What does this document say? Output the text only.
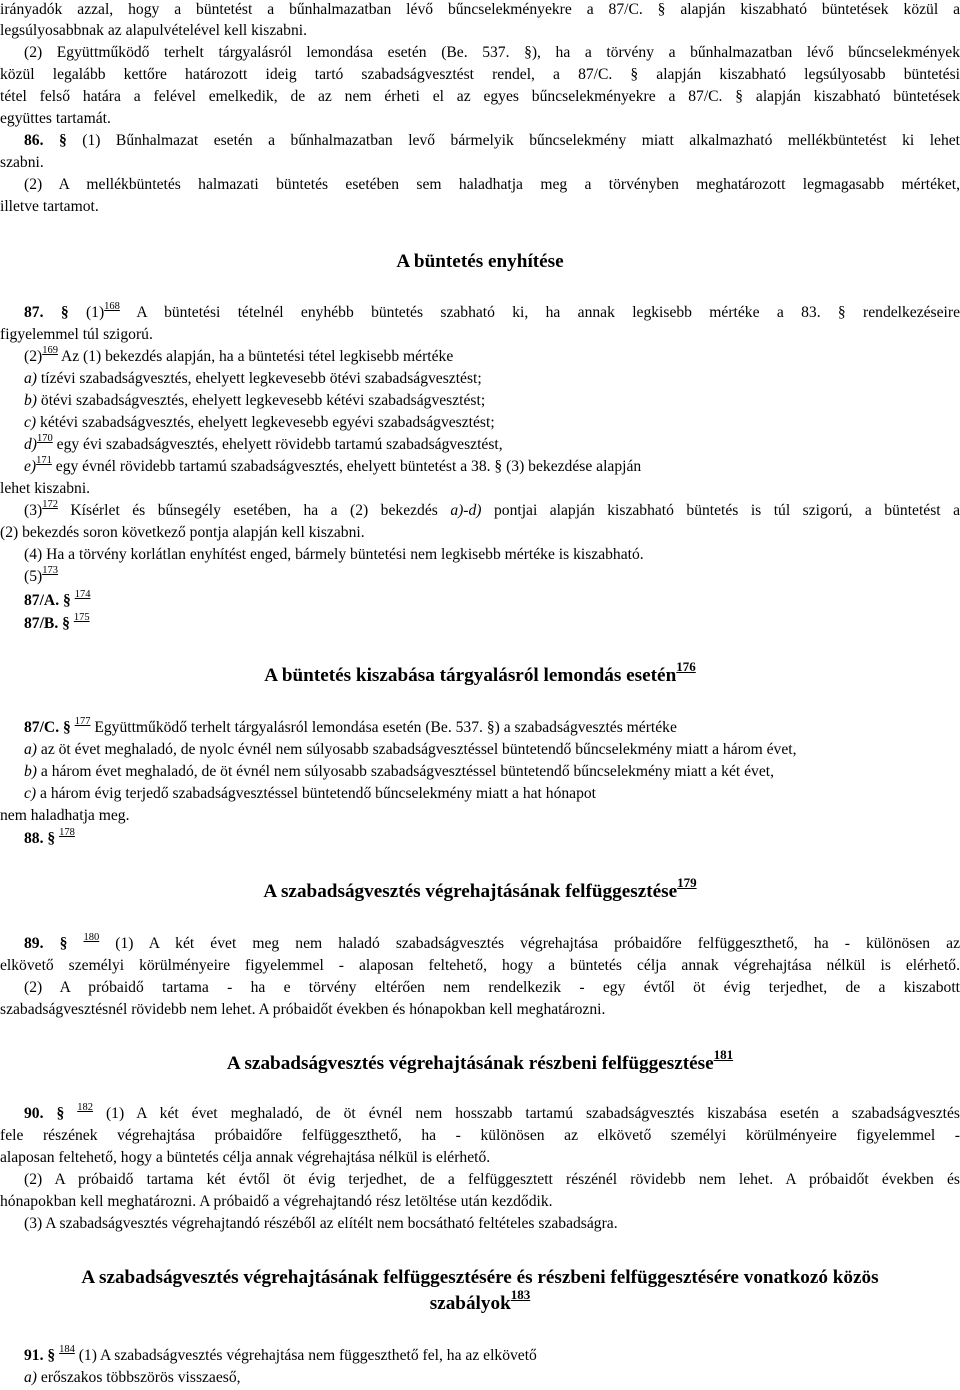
irányadók azzal, hogy a büntetést a bűnhalmazatban lévő bűncselekményekre a 87/C. § alapján kiszabható büntetések közül a
legsúlyosabbnak az alapulvételével kell kiszabni.
(2) Együttműködő terhelt tárgyalásról lemondása esetén (Be. 537. §), ha a törvény a bűnhalmazatban lévő bűncselekmények
közül legalább kettőre határozott ideig tartó szabadságvesztést rendel, a 87/C. § alapján kiszabható legsúlyosabb büntetési
tétel felső határa a felével emelkedik, de az nem érheti el az egyes bűncselekményekre a 87/C. § alapján kiszabható büntetések
együttes tartamát.
86. § (1) Bűnhalmazat esetén a bűnhalmazatban levő bármelyik bűncselekmény miatt alkalmazható mellékbüntetést ki lehet
szabni.
(2) A mellékbüntetés halmazati büntetés esetében sem haladhatja meg a törvényben meghatározott legmagasabb mértéket,
illetve tartamot.
A büntetés enyhítése
87. § $(1)^{168}$ A büntetési tételnél enyhébb büntetés szabható ki, ha annak legkisebb mértéke a 83. § rendelkezéseire
figyelemmel túl szigorú.
$(2)^{169}$ Az (1) bekezdés alapján, ha a büntetési tétel legkisebb mértéke
a) tízévi szabadságvesztés, ehelyett legkevesebb ötévi szabadságvesztést;
b) ötévi szabadságvesztés, ehelyett legkevesebb kétévi szabadságvesztést;
c) kétévi szabadságvesztés, ehelyett legkevesebb egyévi szabadságvesztést;
d)$^{170}$ egy évi szabadságvesztés, ehelyett rövidebb tartamú szabadságvesztést,
e)$^{171}$ egy évnél rövidebb tartamú szabadságvesztés, ehelyett büntetést a 38. § (3) bekezdése alapján
lehet kiszabni.
$(3)^{172}$ Kísérlet és bűnsegély esetében, ha a (2) bekezdés a)-d) pontjai alapján kiszabható büntetés is túl szigorú, a büntetést a
(2) bekezdés soron következő pontja alapján kell kiszabni.
(4) Ha a törvény korlátlan enyhítést enged, bármely büntetési nem legkisebb mértéke is kiszabható.
$(5)^{173}$
87/A. § $^{174}$
87/B. § $^{175}$
A büntetés kiszabása tárgyalásról lemondás esetén$^{176}$
87/C. § $^{177}$ Együttműködő terhelt tárgyalásról lemondása esetén (Be. 537. §) a szabadságvesztés mértéke
a) az öt évet meghaladó, de nyolc évnél nem súlyosabb szabadságvesztéssel büntetendő bűncselekmény miatt a három évet,
b) a három évet meghaladó, de öt évnél nem súlyosabb szabadságvesztéssel büntetendő bűncselekmény miatt a két évet,
c) a három évig terjedő szabadságvesztéssel büntetendő bűncselekmény miatt a hat hónapot
nem haladhatja meg.
88. § $^{178}$
A szabadságvesztés végrehajtásának felfüggesztése$^{179}$
89. § $^{180}$ (1) A két évet meg nem haladó szabadságvesztés végrehajtása próbaidőre felfüggeszthető, ha - különösen az
elkövető személyi körülményeire figyelemmel - alaposan feltehető, hogy a büntetés célja annak végrehajtása nélkül is elérhető.
(2) A próbaidő tartama - ha e törvény eltérően nem rendelkezik - egy évtől öt évig terjedhet, de a kiszabott
szabadságvesztésnél rövidebb nem lehet. A próbaidőt években és hónapokban kell meghatározni.
A szabadságvesztés végrehajtásának részbeni felfüggesztése$^{181}$
90. § $^{182}$ (1) A két évet meghaladó, de öt évnél nem hosszabb tartamú szabadságvesztés kiszabása esetén a szabadságvesztés
fele részének végrehajtása próbaidőre felfüggeszthető, ha - különösen az elkövető személyi körülményeire figyelemmel -
alaposan feltehető, hogy a büntetés célja annak végrehajtása nélkül is elérhető.
(2) A próbaidő tartama két évtől öt évig terjedhet, de a felfüggesztett részénél rövidebb nem lehet. A próbaidőt években és
hónapokban kell meghatározni. A próbaidő a végrehajtandó rész letöltése után kezdődik.
(3) A szabadságvesztés végrehajtandó részéből az elítélt nem bocsátható feltételes szabadságra.
A szabadságvesztés végrehajtásának felfüggesztésére és részbeni felfüggesztésére vonatkozó közös
szabályok$^{183}$
91. § $^{184}$ (1) A szabadságvesztés végrehajtása nem függeszthető fel, ha az elkövető
a) erőszakos többszörös visszaeső,
